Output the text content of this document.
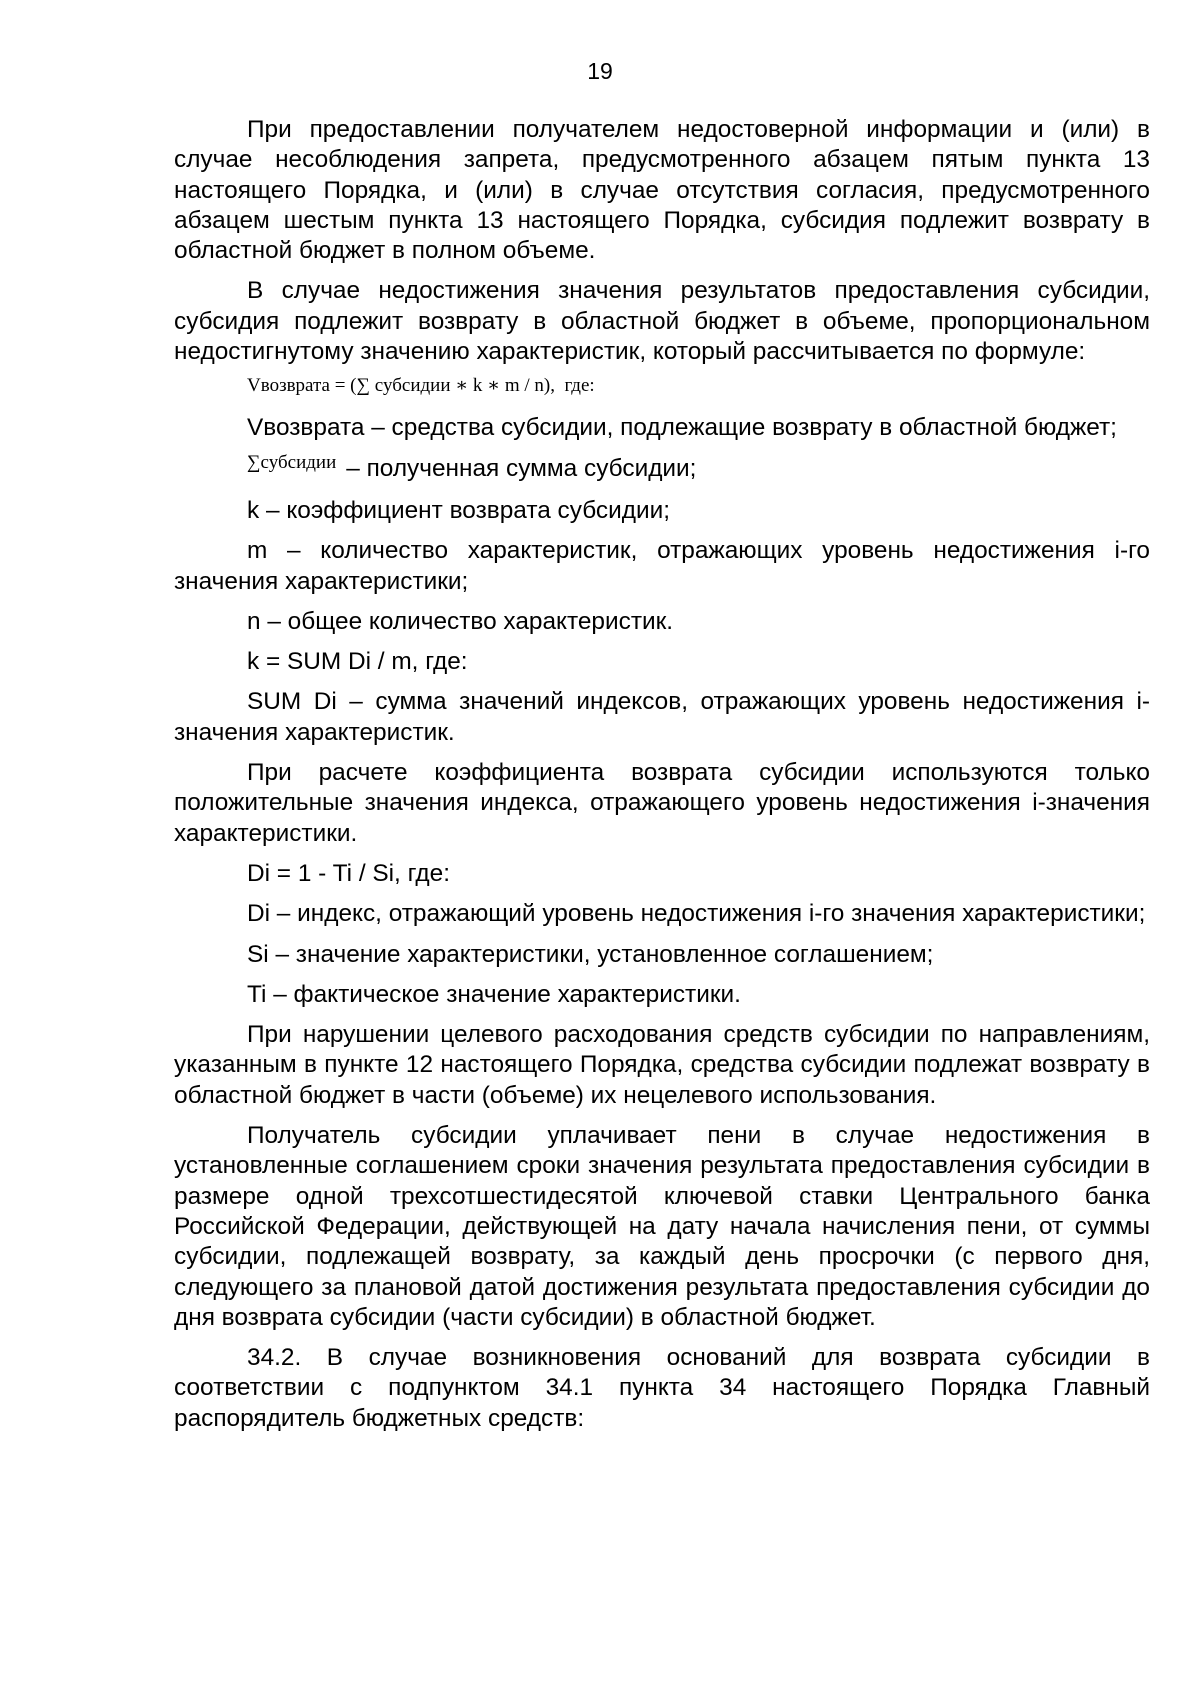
19

При предоставлении получателем недостоверной информации и (или) в случае несоблюдения запрета, предусмотренного абзацем пятым пункта 13 настоящего Порядка, и (или) в случае отсутствия согласия, предусмотренного абзацем шестым пункта 13 настоящего Порядка, субсидия подлежит возврату в областной бюджет в полном объеме.

В случае недостижения значения результатов предоставления субсидии, субсидия подлежит возврату в областной бюджет в объеме, пропорциональном недостигнутому значению характеристик, который рассчитывается по формуле:

Vвозврата = (∑ субсидии ∗ k ∗ m / n),  где:

Vвозврата – средства субсидии, подлежащие возврату в областной бюджет;

$^{\sum субсидии}$ – полученная сумма субсидии;

k – коэффициент возврата субсидии;

m – количество характеристик, отражающих уровень недостижения i-го значения характеристики;

n – общее количество характеристик.

k = SUM Di / m, где:

SUM Di – сумма значений индексов, отражающих уровень недостижения i-значения характеристик.

При расчете коэффициента возврата субсидии используются только положительные значения индекса, отражающего уровень недостижения i-значения характеристики.

Di = 1 - Ti / Si, где:

Di – индекс, отражающий уровень недостижения i-го значения характеристики;

Si – значение характеристики, установленное соглашением;

Ti – фактическое значение характеристики.

При нарушении целевого расходования средств субсидии по направлениям, указанным в пункте 12 настоящего Порядка, средства субсидии подлежат возврату в областной бюджет в части (объеме) их нецелевого использования.

Получатель субсидии уплачивает пени в случае недостижения в установленные соглашением сроки значения результата предоставления субсидии в размере одной трехсотшестидесятой ключевой ставки Центрального банка Российской Федерации, действующей на дату начала начисления пени, от суммы субсидии, подлежащей возврату, за каждый день просрочки (с первого дня, следующего за плановой датой достижения результата предоставления субсидии до дня возврата субсидии (части субсидии) в областной бюджет.

34.2. В случае возникновения оснований для возврата субсидии в соответствии с подпунктом 34.1 пункта 34 настоящего Порядка Главный распорядитель бюджетных средств:
